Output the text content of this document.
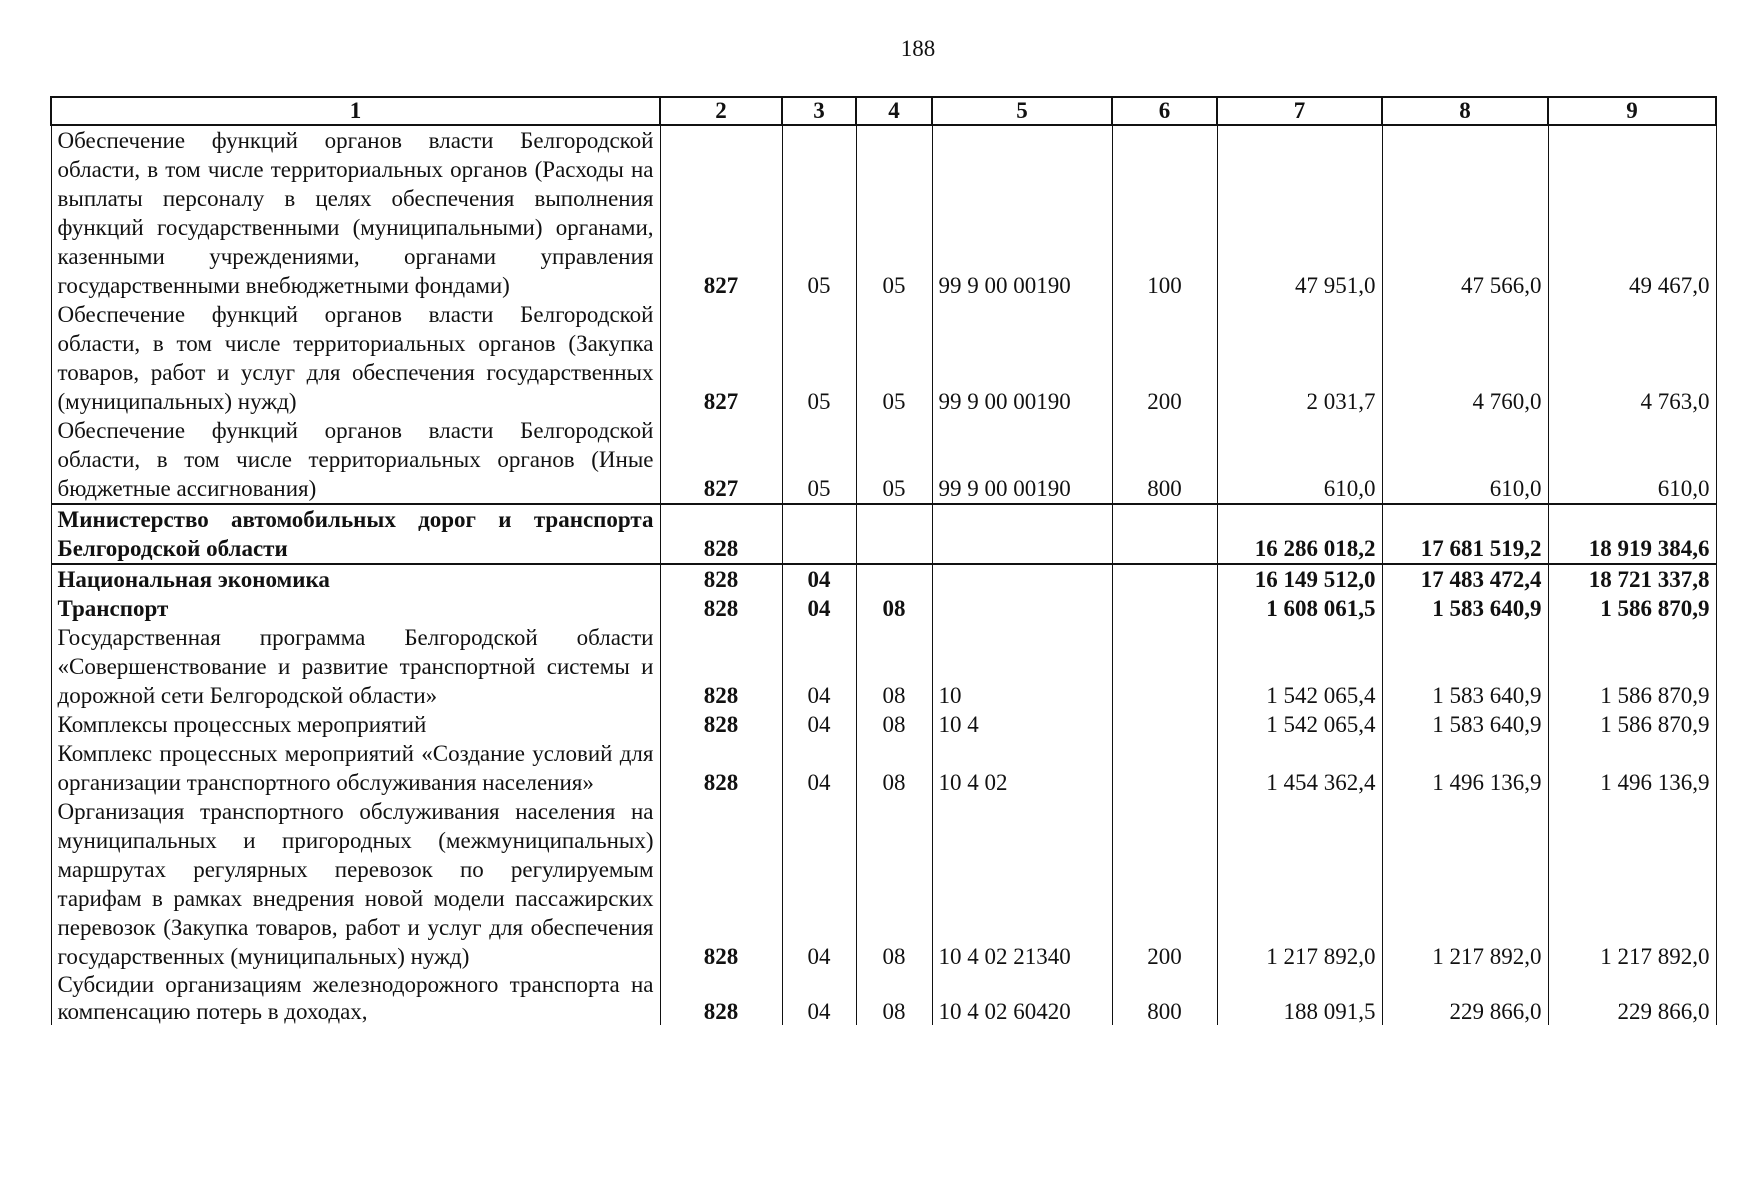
188
1	2	3	4	5	6	7	8	9
Обеспечение функций органов власти Белгородской области, в том числе территориальных органов (Расходы на выплаты персоналу в целях обеспечения выполнения функций государственными (муниципальными) органами, казенными учреждениями, органами управления государственными внебюджетными фондами)	827	05	05	99 9 00 00190	100	47 951,0	47 566,0	49 467,0
Обеспечение функций органов власти Белгородской области, в том числе территориальных органов (Закупка товаров, работ и услуг для обеспечения государственных (муниципальных) нужд)	827	05	05	99 9 00 00190	200	2 031,7	4 760,0	4 763,0
Обеспечение функций органов власти Белгородской области, в том числе территориальных органов (Иные бюджетные ассигнования)	827	05	05	99 9 00 00190	800	610,0	610,0	610,0
Министерство автомобильных дорог и транспорта Белгородской области	828					16 286 018,2	17 681 519,2	18 919 384,6
Национальная экономика	828	04				16 149 512,0	17 483 472,4	18 721 337,8
Транспорт	828	04	08			1 608 061,5	1 583 640,9	1 586 870,9
Государственная программа Белгородской области «Совершенствование и развитие транспортной системы и дорожной сети Белгородской области»	828	04	08	10		1 542 065,4	1 583 640,9	1 586 870,9
Комплексы процессных мероприятий	828	04	08	10 4		1 542 065,4	1 583 640,9	1 586 870,9
Комплекс процессных мероприятий «Создание условий для организации транспортного обслуживания населения»	828	04	08	10 4 02		1 454 362,4	1 496 136,9	1 496 136,9
Организация транспортного обслуживания населения на муниципальных и пригородных (межмуниципальных) маршрутах регулярных перевозок по регулируемым тарифам в рамках внедрения новой модели пассажирских перевозок (Закупка товаров, работ и услуг для обеспечения государственных (муниципальных) нужд)	828	04	08	10 4 02 21340	200	1 217 892,0	1 217 892,0	1 217 892,0
Субсидии организациям железнодорожного транспорта на компенсацию потерь в доходах,	828	04	08	10 4 02 60420	800	188 091,5	229 866,0	229 866,0
